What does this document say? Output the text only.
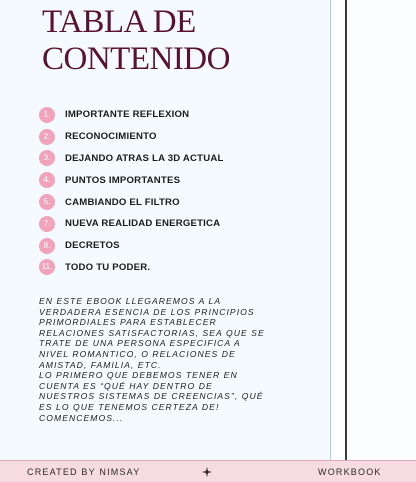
TABLA DE
CONTENIDO
1.	IMPORTANTE REFLEXION
2.	RECONOCIMIENTO
3.	DEJANDO ATRAS LA 3D ACTUAL
4.	PUNTOS IMPORTANTES
5.	CAMBIANDO EL FILTRO
7.	NUEVA REALIDAD ENERGETICA
8.	DECRETOS
11. TODO TU PODER.
EN ESTE EBOOK LLEGAREMOS A LA
VERDADERA ESENCIA DE LOS PRINCIPIOS
PRIMORDIALES PARA ESTABLECER
RELACIONES SATISFACTORIAS, SEA QUE SE
TRATE DE UNA PERSONA ESPECIFICA A
NIVEL ROMANTICO, O RELACIONES DE
AMISTAD, FAMILIA, ETC.
LO PRIMERO QUE DEBEMOS TENER EN
CUENTA ES “QUÉ HAY DENTRO DE
NUESTROS SISTEMAS DE CREENCIAS”, QUÉ
ES LO QUE TENEMOS CERTEZA DE!
COMENCEMOS...
CREATED BY NIMSAY	WORKBOOK
